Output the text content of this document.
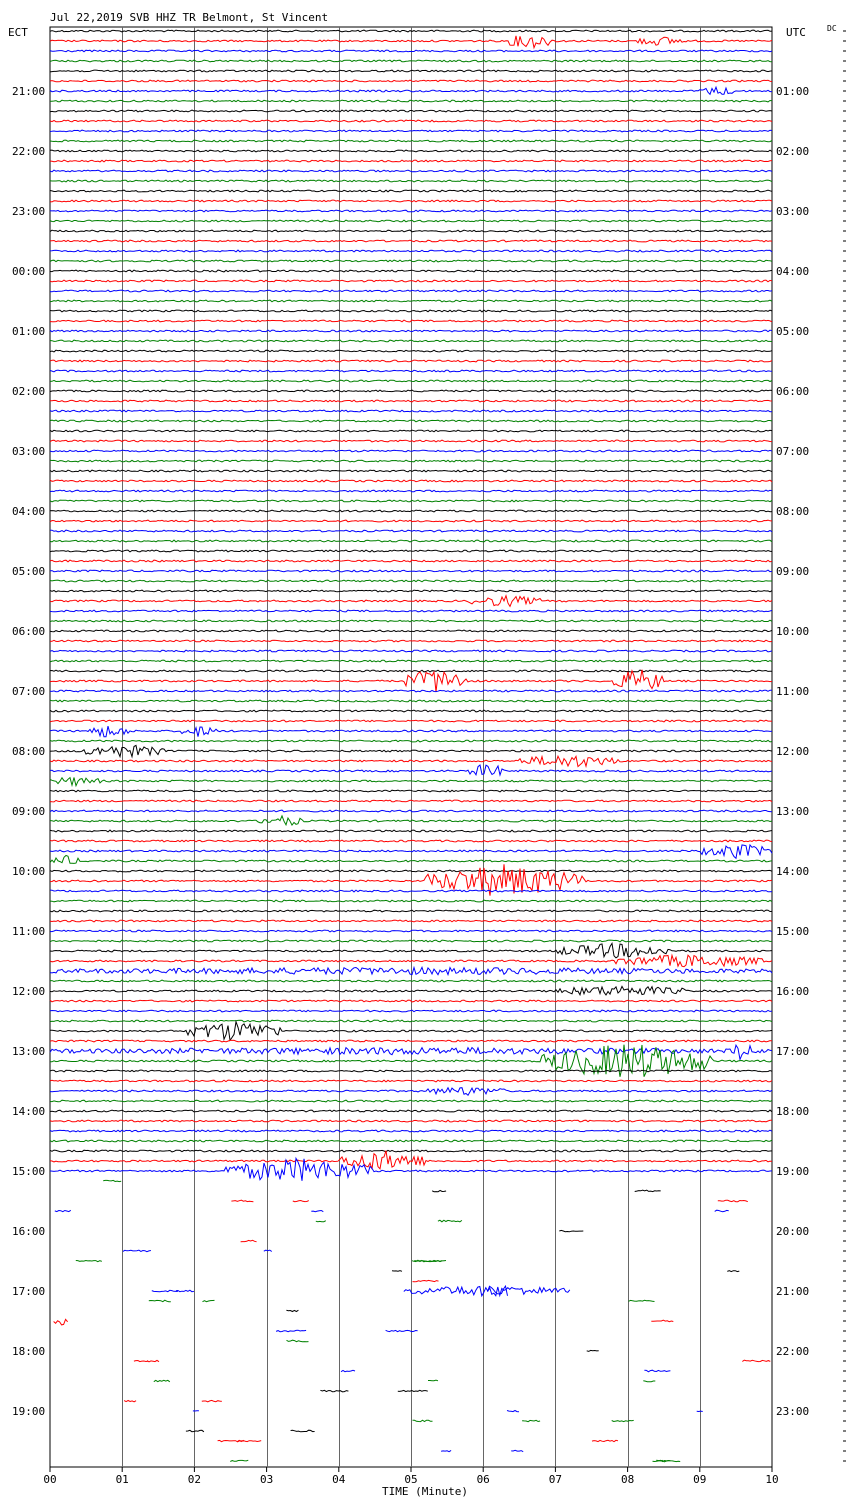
Jul 22,2019 SVB HHZ TR Belmont, St Vincent
ECT	UTC	DC
TIME (Minute)
21:00
22:00
23:00
00:00
01:00
02:00
03:00
04:00
05:00
06:00
07:00
08:00
09:00
10:00
11:00
12:00
13:00
14:00
15:00
16:00
17:00
18:00
19:00
01:00
02:00
03:00
04:00
05:00
06:00
07:00
08:00
09:00
10:00
11:00
12:00
13:00
14:00
15:00
16:00
17:00
18:00
19:00
20:00
21:00
22:00
23:00
00	01	02	03	04	05	06	07	08	09	10
